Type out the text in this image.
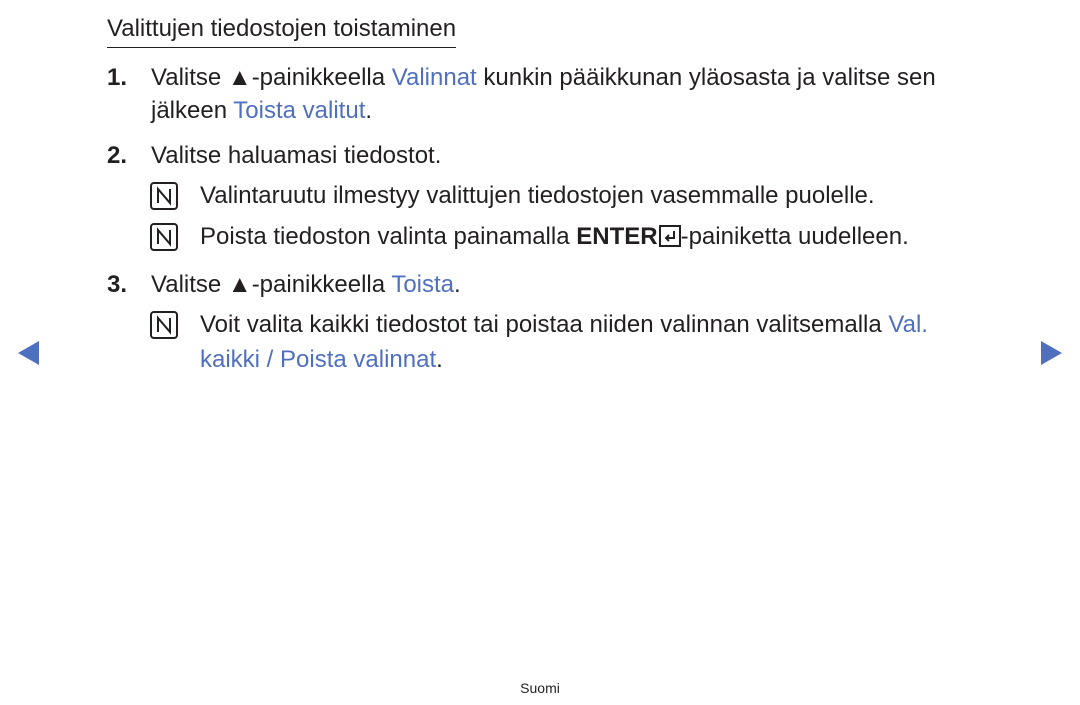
Valittujen tiedostojen toistaminen
1. Valitse ▲-painikkeella Valinnat kunkin pääikkunan yläosasta ja valitse sen
jälkeen Toista valitut.
2. Valitse haluamasi tiedostot.
Valintaruutu ilmestyy valittujen tiedostojen vasemmalle puolelle.
Poista tiedoston valinta painamalla ENTER -painiketta uudelleen.
3. Valitse ▲-painikkeella Toista.
Voit valita kaikki tiedostot tai poistaa niiden valinnan valitsemalla Val.
kaikki / Poista valinnat.
Suomi
